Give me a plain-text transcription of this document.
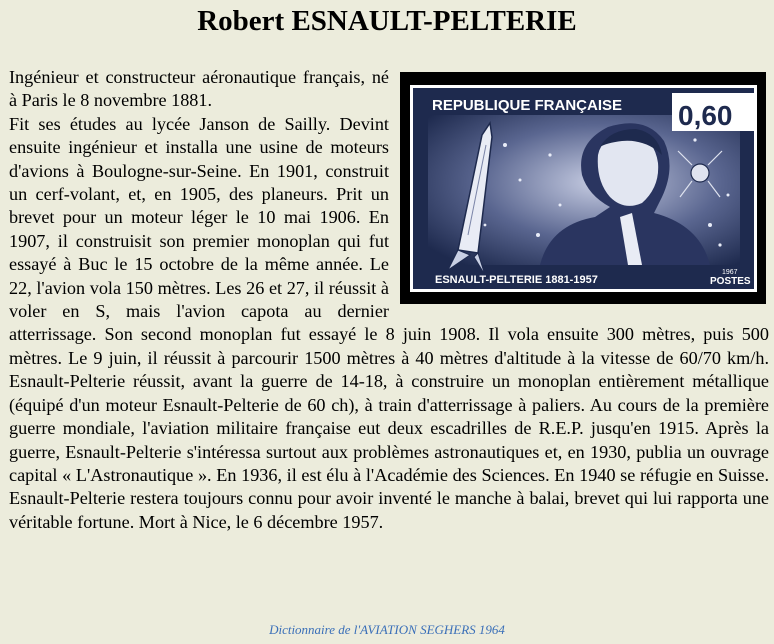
Robert ESNAULT-PELTERIE
REPUBLIQUE FRANÇAISE 0,60
ESNAULT-PELTERIE 1881-1957
1967
POSTES

Ingénieur et constructeur aéronautique français, né à Paris le 8 novembre 1881.

Fit ses études au lycée Janson de Sailly. Devint ensuite ingénieur et installa une usine de moteurs d'avions à Boulogne-sur-Seine. En 1901, construit un cerf-volant, et, en 1905, des planeurs. Prit un brevet pour un moteur léger le 10 mai 1906. En 1907, il construisit son premier monoplan qui fut essayé à Buc le 15 octobre de la même année. Le 22, l'avion vola 150 mètres. Les 26 et 27, il réussit à voler en S, mais l'avion capota au dernier atterrissage. Son second monoplan fut essayé le 8 juin 1908. Il vola ensuite 300 mètres, puis 500 mètres. Le 9 juin, il réussit à parcourir 1500 mètres à 40 mètres d'altitude à la vitesse de 60/70 km/h. Esnault-Pelterie réussit, avant la guerre de 14-18, à construire un monoplan entièrement métallique (équipé d'un moteur Esnault-Pelterie de 60 ch), à train d'atterrissage à paliers. Au cours de la première guerre mondiale, l'aviation militaire française eut deux escadrilles de R.E.P. jusqu'en 1915. Après la guerre, Esnault-Pelterie s'intéressa surtout aux problèmes astronautiques et, en 1930, publia un ouvrage capital « L'Astronautique ». En 1936, il est élu à l'Académie des Sciences. En 1940 se réfugie en Suisse. Esnault-Pelterie restera toujours connu pour avoir inventé le manche à balai, brevet qui lui rapporta une véritable fortune. Mort à Nice, le 6 décembre 1957.

Dictionnaire de l'AVIATION SEGHERS 1964
